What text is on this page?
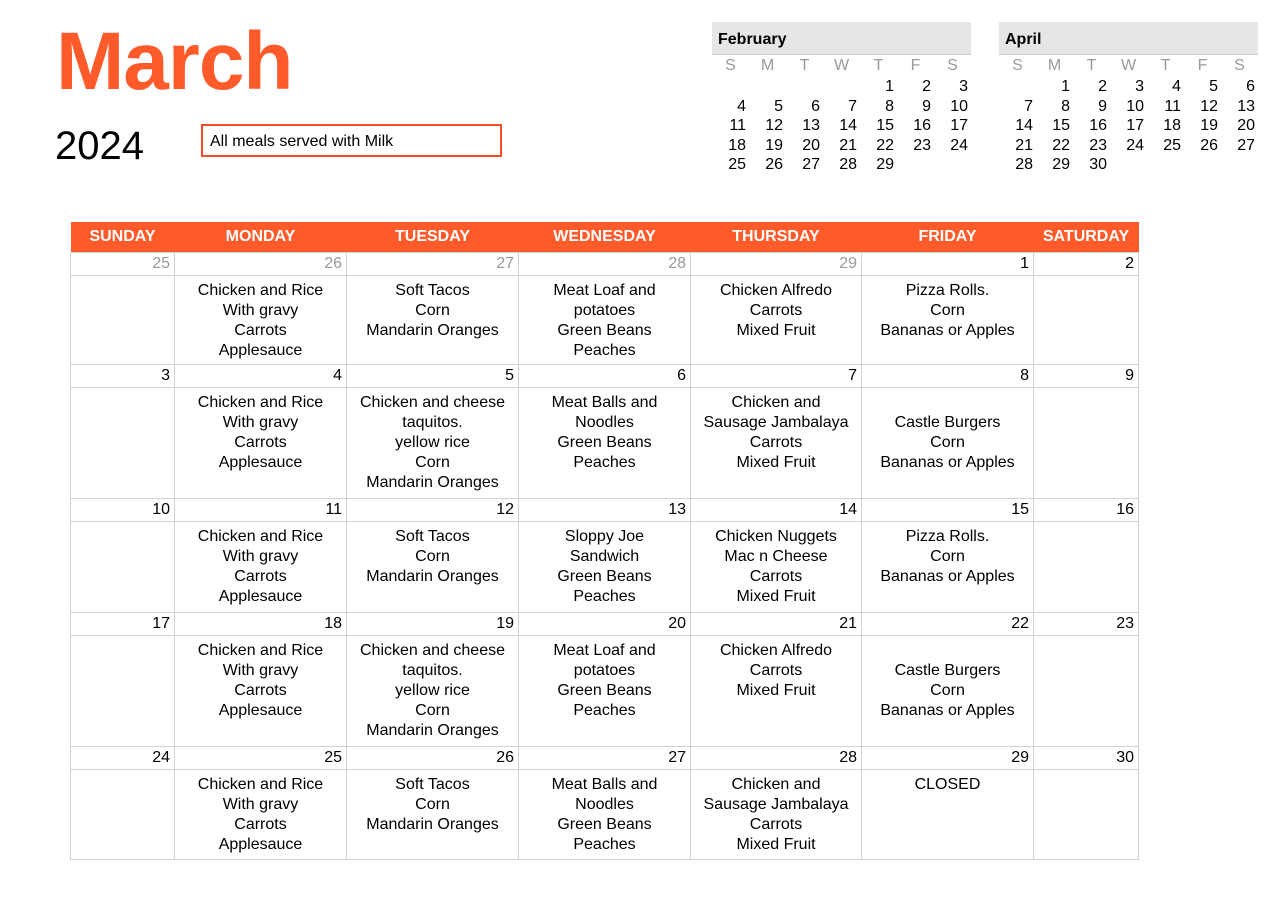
March
2024	All meals served with Milk
February
S	M	T	W	T	F	S
				1	2	3
4	5	6	7	8	9	10
11	12	13	14	15	16	17
18	19	20	21	22	23	24
25	26	27	28	29		
April
S	M	T	W	T	F	S
	1	2	3	4	5	6
7	8	9	10	11	12	13
14	15	16	17	18	19	20
21	22	23	24	25	26	27
28	29	30				
SUNDAY	MONDAY	TUESDAY	WEDNESDAY	THURSDAY	FRIDAY	SATURDAY
25	26	27	28	29	1	2

	Chicken and Rice
With gravy
Carrots
Applesauce	Soft Tacos
Corn
Mandarin Oranges	Meat Loaf and
potatoes
Green Beans
Peaches	Chicken Alfredo
Carrots
Mixed Fruit	Pizza Rolls.
Corn
Bananas or Apples	

3	4	5	6	7	8	9

	Chicken and Rice
With gravy
Carrots
Applesauce	Chicken and cheese
taquitos.
yellow rice
Corn
Mandarin Oranges	Meat Balls and
Noodles
Green Beans
Peaches	Chicken and
Sausage Jambalaya
Carrots
Mixed Fruit	Castle Burgers
Corn
Bananas or Apples	

10	11	12	13	14	15	16

	Chicken and Rice
With gravy
Carrots
Applesauce	Soft Tacos
Corn
Mandarin Oranges	Sloppy Joe
Sandwich
Green Beans
Peaches	Chicken Nuggets
Mac n Cheese
Carrots
Mixed Fruit	Pizza Rolls.
Corn
Bananas or Apples	

17	18	19	20	21	22	23

	Chicken and Rice
With gravy
Carrots
Applesauce	Chicken and cheese
taquitos.
yellow rice
Corn
Mandarin Oranges	Meat Loaf and
potatoes
Green Beans
Peaches	Chicken Alfredo
Carrots
Mixed Fruit	Castle Burgers
Corn
Bananas or Apples	

24	25	26	27	28	29	30

	Chicken and Rice
With gravy
Carrots
Applesauce	Soft Tacos
Corn
Mandarin Oranges	Meat Balls and
Noodles
Green Beans
Peaches	Chicken and
Sausage Jambalaya
Carrots
Mixed Fruit	CLOSED	
